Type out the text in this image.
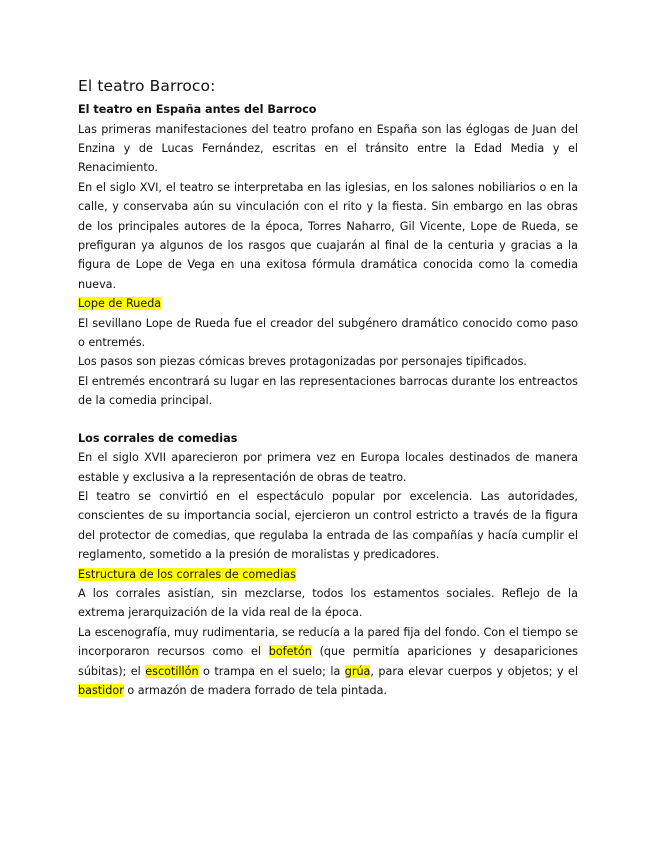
El teatro Barroco:

El teatro en España antes del Barroco

Las primeras manifestaciones del teatro profano en España son las églogas de Juan del Enzina y de Lucas Fernández, escritas en el tránsito entre la Edad Media y el Renacimiento.

En el siglo XVI, el teatro se interpretaba en las iglesias, en los salones nobiliarios o en la calle, y conservaba aún su vinculación con el rito y la fiesta. Sin embargo en las obras de los principales autores de la época, Torres Naharro, Gil Vicente, Lope de Rueda, se prefiguran ya algunos de los rasgos que cuajarán al final de la centuria y gracias a la figura de Lope de Vega en una exitosa fórmula dramática conocida como la comedia nueva.

Lope de Rueda

El sevillano Lope de Rueda fue el creador del subgénero dramático conocido como paso o entremés.

Los pasos son piezas cómicas breves protagonizadas por personajes tipificados.

El entremés encontrará su lugar en las representaciones barrocas durante los entreactos de la comedia principal.

Los corrales de comedias

En el siglo XVII aparecieron por primera vez en Europa locales destinados de manera estable y exclusiva a la representación de obras de teatro.

El teatro se convirtió en el espectáculo popular por excelencia. Las autoridades, conscientes de su importancia social, ejercieron un control estricto a través de la figura del protector de comedias, que regulaba la entrada de las compañías y hacía cumplir el reglamento, sometido a la presión de moralistas y predicadores.

Estructura de los corrales de comedias

A los corrales asistían, sin mezclarse, todos los estamentos sociales. Reflejo de la extrema jerarquización de la vida real de la época.

La escenografía, muy rudimentaria, se reducía a la pared fija del fondo. Con el tiempo se incorporaron recursos como el bofetón (que permitía apariciones y desapariciones súbitas); el escotillón o trampa en el suelo; la grúa, para elevar cuerpos y objetos; y el bastidor o armazón de madera forrado de tela pintada.
